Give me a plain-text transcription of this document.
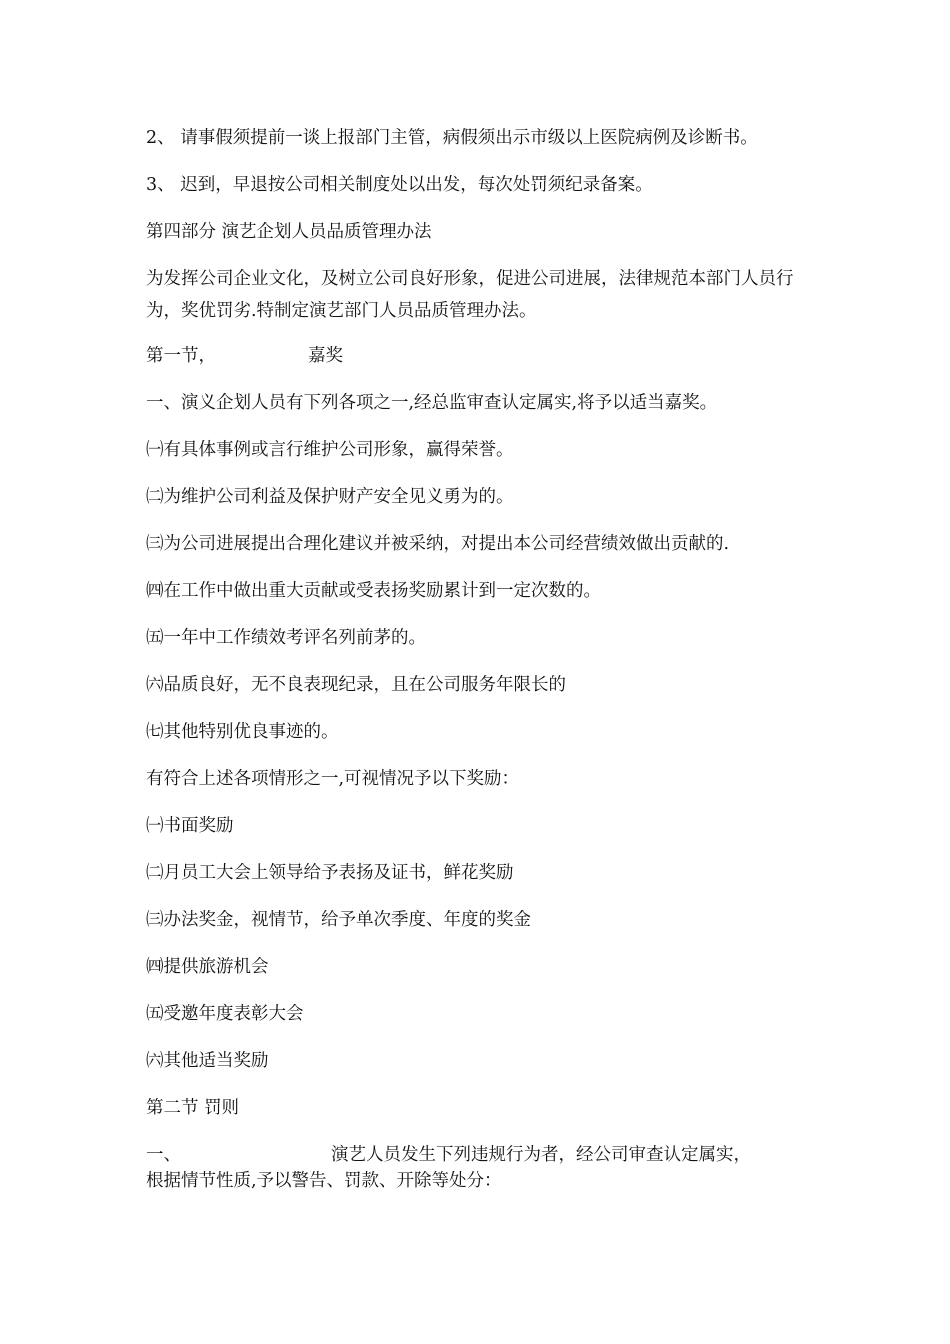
2、 请事假须提前一谈上报部门主管，病假须出示市级以上医院病例及诊断书。
3、 迟到，早退按公司相关制度处以出发，每次处罚须纪录备案。
第四部分 演艺企划人员品质管理办法
为发挥公司企业文化，及树立公司良好形象，促进公司进展，法律规范本部门人员行为，奖优罚劣.特制定演艺部门人员品质管理办法。
第一节，	嘉奖
一、演义企划人员有下列各项之一,经总监审查认定属实,将予以适当嘉奖。
㈠有具体事例或言行维护公司形象，赢得荣誉。
㈡为维护公司利益及保护财产安全见义勇为的。
㈢为公司进展提出合理化建议并被采纳，对提出本公司经营绩效做出贡献的.
㈣在工作中做出重大贡献或受表扬奖励累计到一定次数的。
㈤一年中工作绩效考评名列前茅的。
㈥品质良好，无不良表现纪录，且在公司服务年限长的
㈦其他特别优良事迹的。
有符合上述各项情形之一,可视情况予以下奖励：
㈠书面奖励
㈡月员工大会上领导给予表扬及证书，鲜花奖励
㈢办法奖金，视情节，给予单次季度、年度的奖金
㈣提供旅游机会
㈤受邀年度表彰大会
㈥其他适当奖励
第二节 罚则
一、	演艺人员发生下列违规行为者，经公司审查认定属实，
根据情节性质,予以警告、罚款、开除等处分：
